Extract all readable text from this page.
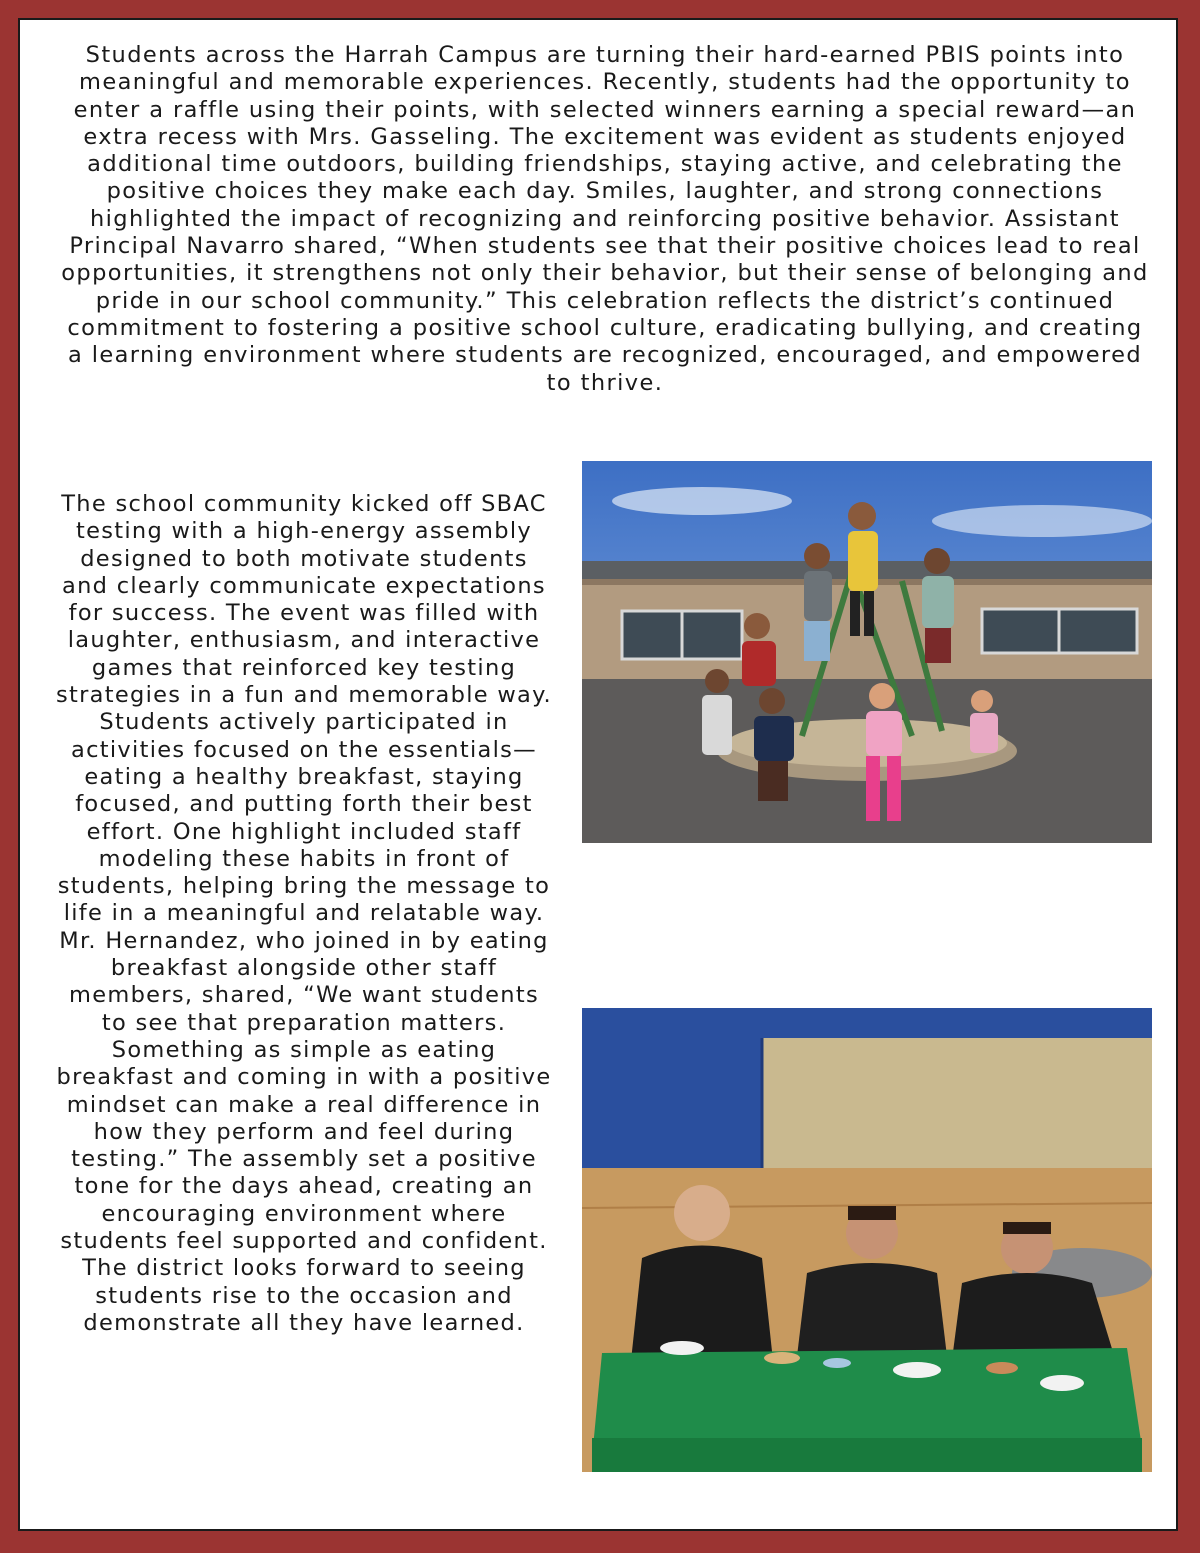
Students across the Harrah Campus are turning their hard-earned PBIS points into meaningful and memorable experiences. Recently, students had the opportunity to enter a raffle using their points, with selected winners earning a special reward—an extra recess with Mrs. Gasseling. The excitement was evident as students enjoyed additional time outdoors, building friendships, staying active, and celebrating the positive choices they make each day. Smiles, laughter, and strong connections highlighted the impact of recognizing and reinforcing positive behavior. Assistant Principal Navarro shared, “When students see that their positive choices lead to real opportunities, it strengthens not only their behavior, but their sense of belonging and pride in our school community.” This celebration reflects the district’s continued commitment to fostering a positive school culture, eradicating bullying, and creating a learning environment where students are recognized, encouraged, and empowered to thrive.

The school community kicked off SBAC testing with a high-energy assembly designed to both motivate students and clearly communicate expectations for success. The event was filled with laughter, enthusiasm, and interactive games that reinforced key testing strategies in a fun and memorable way. Students actively participated in activities focused on the essentials—eating a healthy breakfast, staying focused, and putting forth their best effort. One highlight included staff modeling these habits in front of students, helping bring the message to life in a meaningful and relatable way. Mr. Hernandez, who joined in by eating breakfast alongside other staff members, shared, “We want students to see that preparation matters. Something as simple as eating breakfast and coming in with a positive mindset can make a real difference in how they perform and feel during testing.” The assembly set a positive tone for the days ahead, creating an encouraging environment where students feel supported and confident. The district looks forward to seeing students rise to the occasion and demonstrate all they have learned.
